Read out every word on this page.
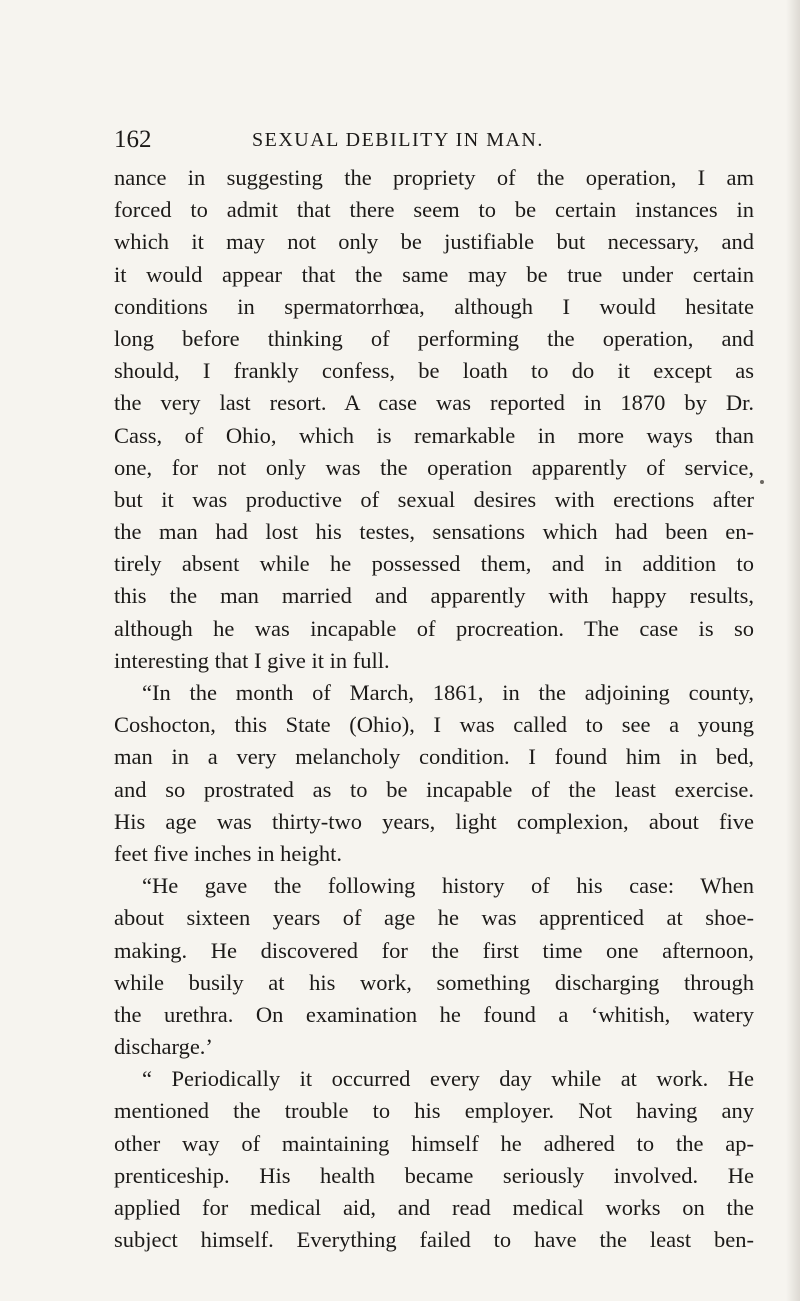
162	SEXUAL DEBILITY IN MAN.
nance in suggesting the propriety of the operation, I am
forced to admit that there seem to be certain instances in
which it may not only be justifiable but necessary, and
it would appear that the same may be true under certain
conditions in spermatorrhœa, although I would hesitate
long before thinking of performing the operation, and
should, I frankly confess, be loath to do it except as
the very last resort. A case was reported in 1870 by Dr.
Cass, of Ohio, which is remarkable in more ways than
one, for not only was the operation apparently of service,
but it was productive of sexual desires with erections after
the man had lost his testes, sensations which had been en-
tirely absent while he possessed them, and in addition to
this the man married and apparently with happy results,
although he was incapable of procreation. The case is so
interesting that I give it in full.
“In the month of March, 1861, in the adjoining county,
Coshocton, this State (Ohio), I was called to see a young
man in a very melancholy condition. I found him in bed,
and so prostrated as to be incapable of the least exercise.
His age was thirty-two years, light complexion, about five
feet five inches in height.
“He gave the following history of his case: When
about sixteen years of age he was apprenticed at shoe-
making. He discovered for the first time one afternoon,
while busily at his work, something discharging through
the urethra. On examination he found a ‘whitish, watery
discharge.’
“ Periodically it occurred every day while at work. He
mentioned the trouble to his employer. Not having any
other way of maintaining himself he adhered to the ap-
prenticeship. His health became seriously involved. He
applied for medical aid, and read medical works on the
subject himself. Everything failed to have the least ben-
